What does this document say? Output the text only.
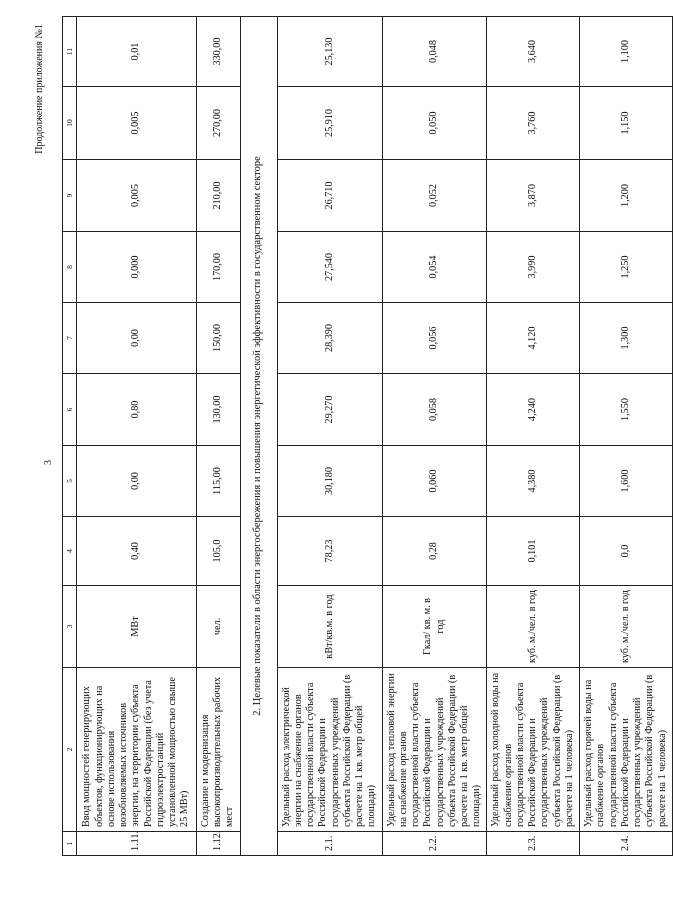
3
Продолжение приложения №1
1	2	3	4	5	6	7	8	9	10	11
1.11.	Ввод мощностей генерирующих объектов, функционирующих на основе использования возобновляемых источников энергии, на территории субъекта Российской Федерации (без учета гидроэлектростанций установленной мощностью свыше 25 МВт)	МВт	0,40	0,00	0,80	0,00	0,000	0,005	0,005	0,01
1.12.	Создание и модернизация высокопроизводительных рабочих мест	чел.	105,0	115,00	130,00	150,00	170,00	210,00	270,00	330,00
2. Целевые показатели в области энергосбережения и повышения энергетической эффективности в государственном секторе										
2.1.	Удельный расход электрической энергии на снабжение органов государственной власти субъекта Российской Федерации и государственных учреждений субъекта Российской Федерации (в расчете на 1 кв. метр общей площади)	кВт/кв.м. в год	78,23	30,180	29,270	28,390	27,540	26,710	25,910	25,130
2.2.	Удельный расход тепловой энергии на снабжение органов государственной власти субъекта Российской Федерации и государственных учреждений субъекта Российской Федерации (в расчете на 1 кв. метр общей площади)	Гкал/ кв. м. в год	0,28	0,060	0,058	0,056	0,054	0,052	0,050	0,048
2.3.	Удельный расход холодной воды на снабжение органов государственной власти субъекта Российской Федерации и государственных учреждений субъекта Российской Федерации (в расчете на 1 человека)	куб. м./чел. в год	0,101	4,380	4,240	4,120	3,990	3,870	3,760	3,640
2.4.	Удельный расход горячей воды на снабжение органов государственной власти субъекта Российской Федерации и государственных учреждений субъекта Российской Федерации (в расчете на 1 человека)	куб. м./чел. в год	0,0	1,600	1,550	1,300	1,250	1,200	1,150	1,100
